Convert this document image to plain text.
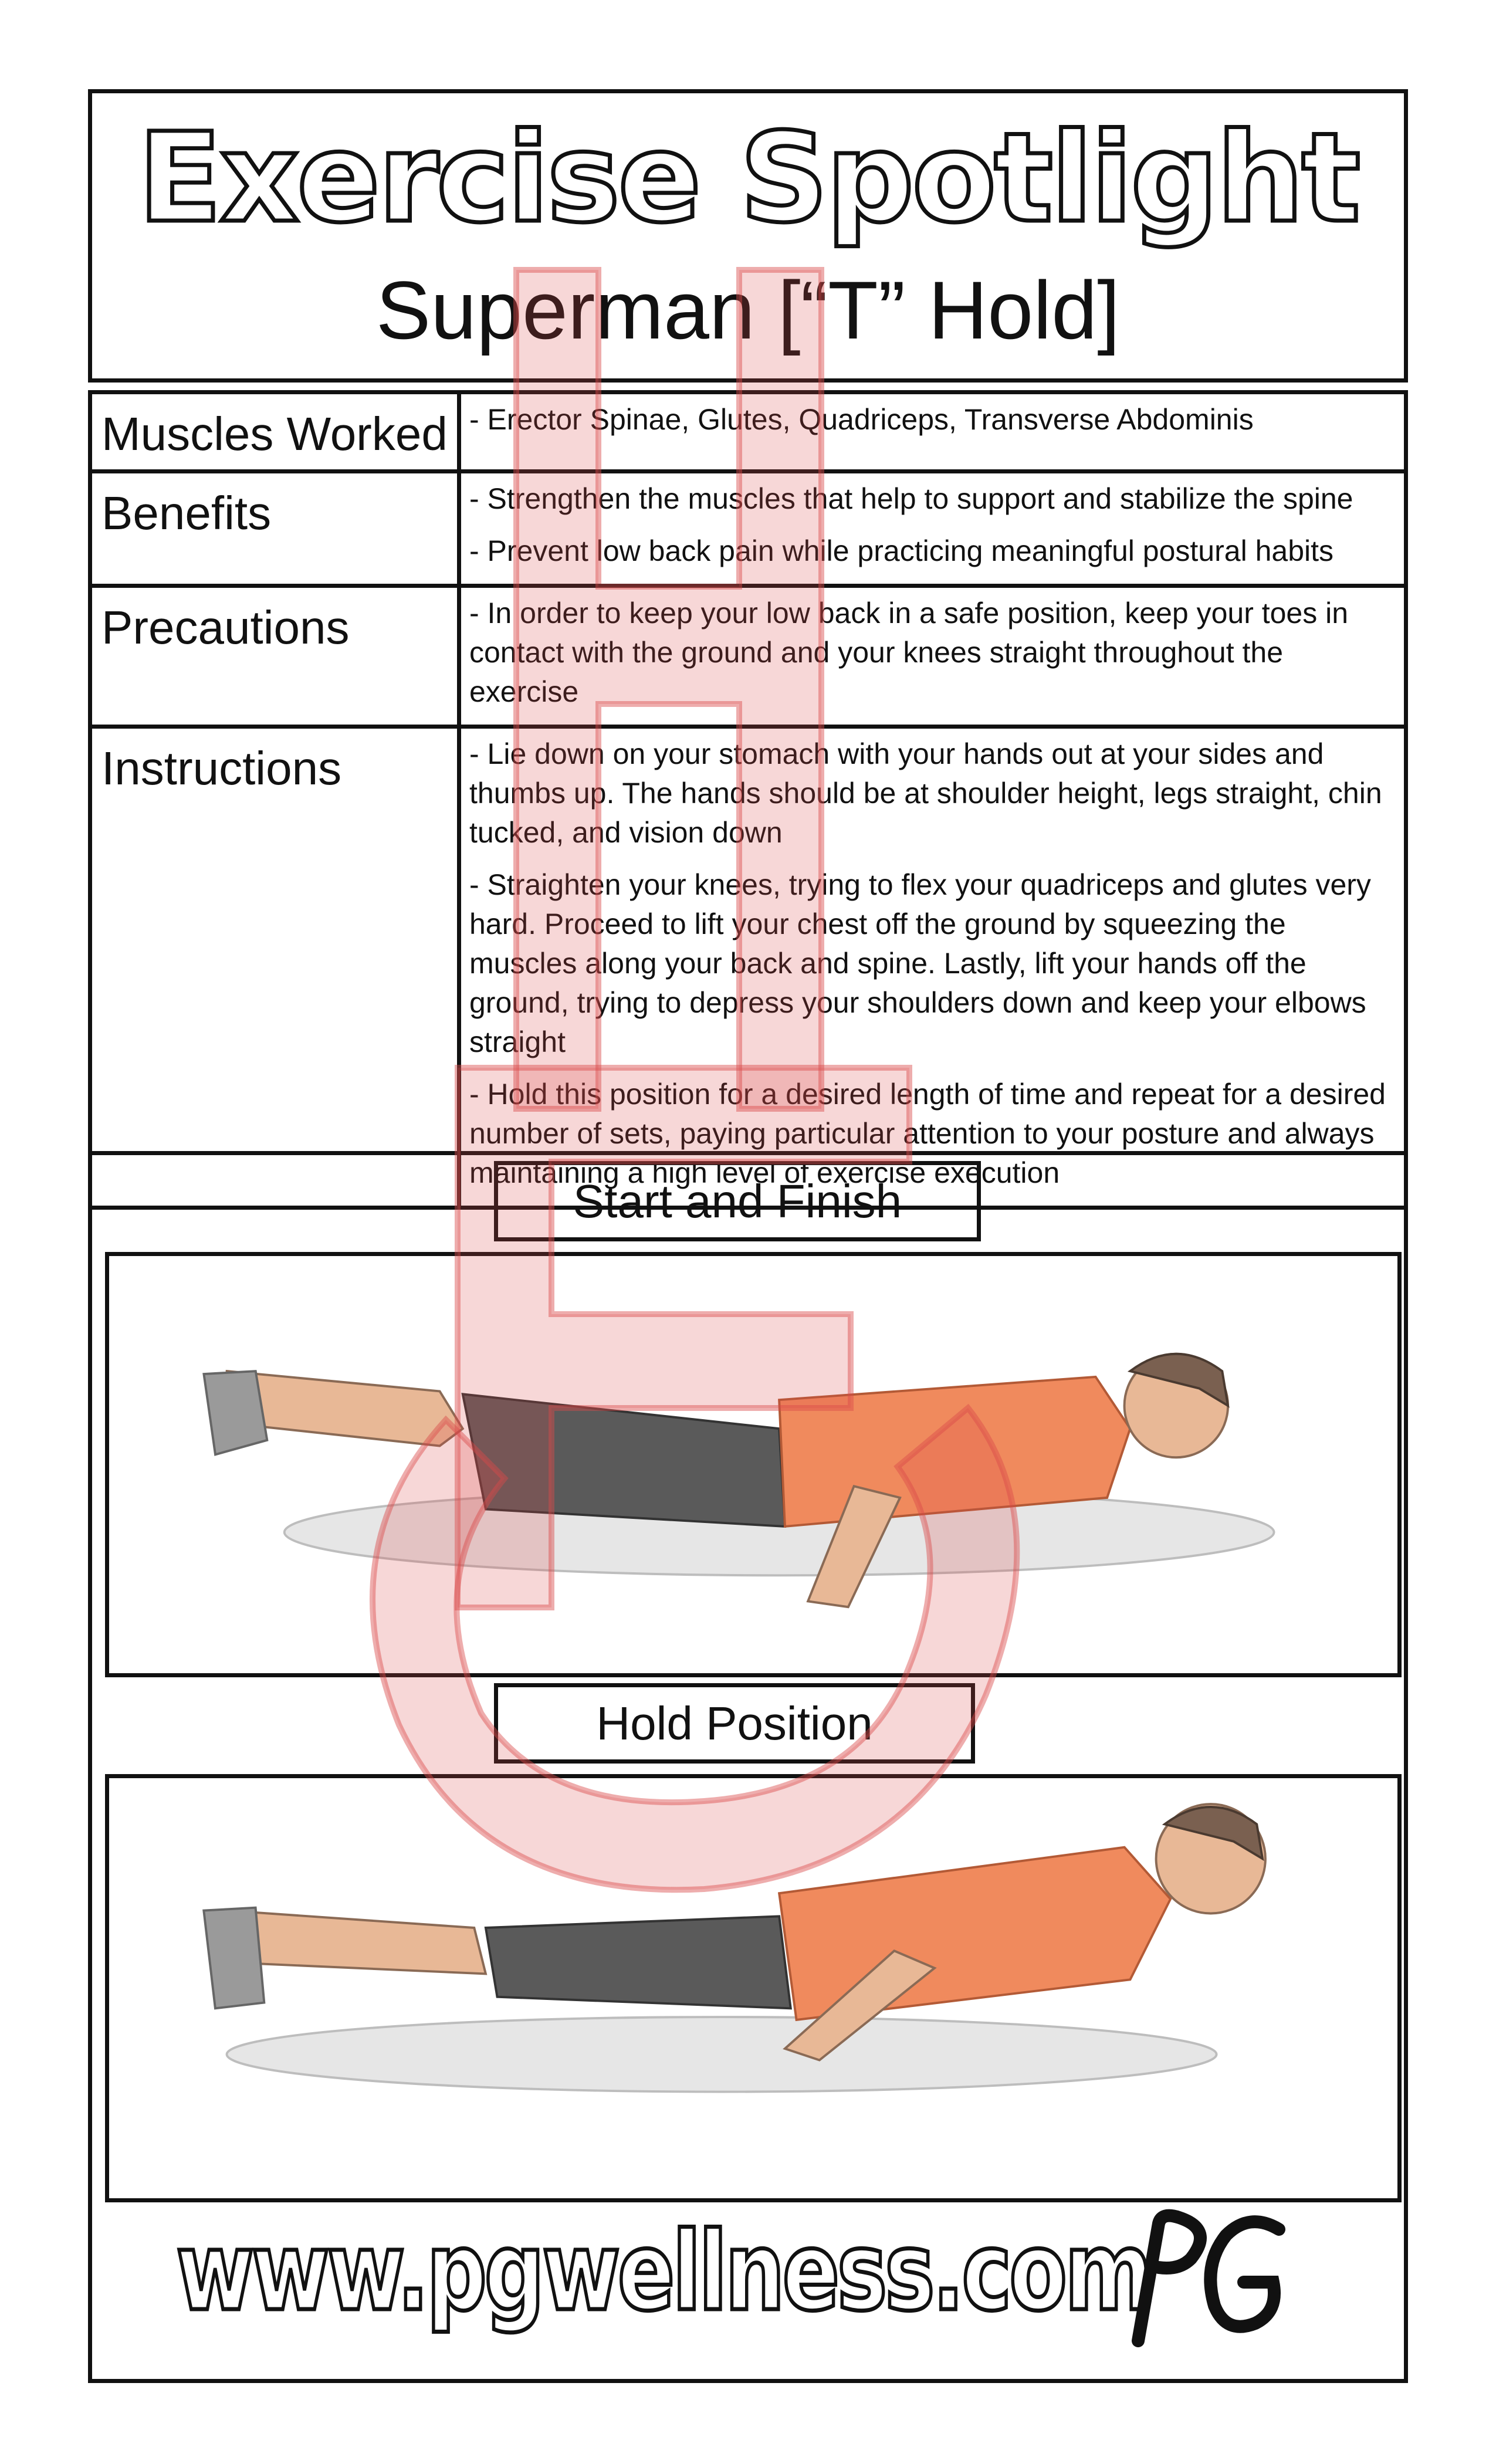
Exercise Spotlight
Superman [“T” Hold]
Muscles Worked	- Erector Spinae, Glutes, Quadriceps, Transverse Abdominis

Benefits	- Strengthen the muscles that help to support and stabilize the spine

- Prevent low back pain while practicing meaningful postural habits

Precautions	- In order to keep your low back in a safe position, keep your toes in contact with the ground and your knees straight throughout the exercise

Instructions	- Lie down on your stomach with your hands out at your sides and thumbs up. The hands should be at shoulder height, legs straight, chin tucked, and vision down

- Straighten your knees, trying to flex your quadriceps and glutes very hard. Proceed to lift your chest off the ground by squeezing the muscles along your back and spine. Lastly, lift your hands off the ground, trying to depress your shoulders down and keep your elbows straight

- Hold this position for a desired length of time and repeat for a desired number of sets, paying particular attention to your posture and always maintaining a high level of exercise execution

Start and Finish
Hold Position
www.pgwellness.com
